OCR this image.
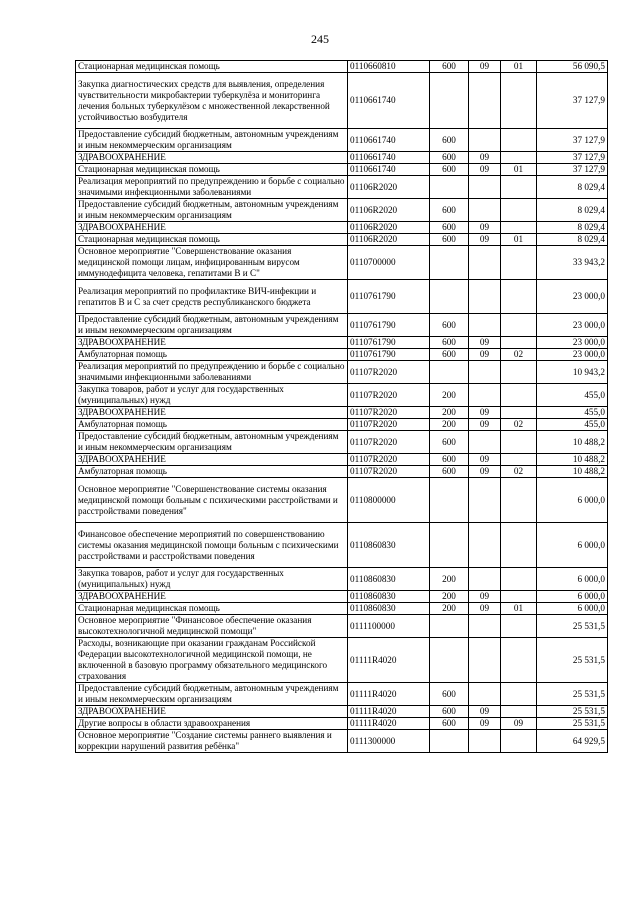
245
Стационарная медицинская помощь	0110660810	600	09	01	56 090,5
Закупка диагностических средств для выявления, определения чувствительности микробактерии туберкулёза и мониторинга лечения больных туберкулёзом с множественной лекарственной устойчивостью возбудителя	0110661740				37 127,9
Предоставление субсидий бюджетным, автономным учреждениям и иным некоммерческим организациям	0110661740	600			37 127,9
ЗДРАВООХРАНЕНИЕ	0110661740	600	09		37 127,9
Стационарная медицинская помощь	0110661740	600	09	01	37 127,9
Реализация мероприятий по предупреждению и борьбе с социально значимыми инфекционными заболеваниями	01106R2020				8 029,4
Предоставление субсидий бюджетным, автономным учреждениям и иным некоммерческим организациям	01106R2020	600			8 029,4
ЗДРАВООХРАНЕНИЕ	01106R2020	600	09		8 029,4
Стационарная медицинская помощь	01106R2020	600	09	01	8 029,4
Основное мероприятие "Совершенствование оказания медицинской помощи лицам, инфицированным вирусом иммунодефицита человека, гепатитами В и С"	0110700000				33 943,2
Реализация мероприятий по профилактике ВИЧ-инфекции и гепатитов В и С за счет средств республиканского бюджета	0110761790				23 000,0
Предоставление субсидий бюджетным, автономным учреждениям и иным некоммерческим организациям	0110761790	600			23 000,0
ЗДРАВООХРАНЕНИЕ	0110761790	600	09		23 000,0
Амбулаторная помощь	0110761790	600	09	02	23 000,0
Реализация мероприятий по предупреждению и борьбе с социально значимыми инфекционными заболеваниями	01107R2020				10 943,2
Закупка товаров, работ и услуг для государственных (муниципальных) нужд	01107R2020	200			455,0
ЗДРАВООХРАНЕНИЕ	01107R2020	200	09		455,0
Амбулаторная помощь	01107R2020	200	09	02	455,0
Предоставление субсидий бюджетным, автономным учреждениям и иным некоммерческим организациям	01107R2020	600			10 488,2
ЗДРАВООХРАНЕНИЕ	01107R2020	600	09		10 488,2
Амбулаторная помощь	01107R2020	600	09	02	10 488,2
Основное мероприятие "Совершенствование системы оказания медицинской помощи больным с психическими расстройствами и расстройствами поведения"	0110800000				6 000,0
Финансовое обеспечение мероприятий по совершенствованию системы оказания медицинской помощи больным с психическими расстройствами и расстройствами поведения	0110860830				6 000,0
Закупка товаров, работ и услуг для государственных (муниципальных) нужд	0110860830	200			6 000,0
ЗДРАВООХРАНЕНИЕ	0110860830	200	09		6 000,0
Стационарная медицинская помощь	0110860830	200	09	01	6 000,0
Основное мероприятие "Финансовое обеспечение оказания высокотехнологичной медицинской помощи"	0111100000				25 531,5
Расходы, возникающие при оказании гражданам Российской Федерации высокотехнологичной медицинской помощи, не включенной в базовую программу обязательного медицинского страхования	01111R4020				25 531,5
Предоставление субсидий бюджетным, автономным учреждениям и иным некоммерческим организациям	01111R4020	600			25 531,5
ЗДРАВООХРАНЕНИЕ	01111R4020	600	09		25 531,5
Другие вопросы в области здравоохранения	01111R4020	600	09	09	25 531,5
Основное мероприятие "Создание системы раннего выявления и коррекции нарушений развития ребёнка"	0111300000				64 929,5
